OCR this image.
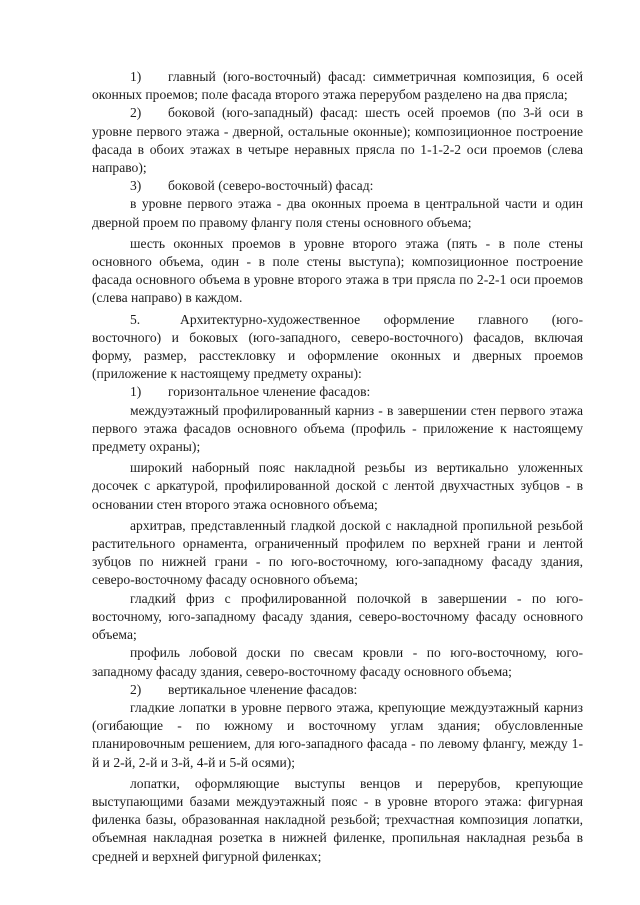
1) главный (юго-восточный) фасад: симметричная композиция, 6 осей оконных проемов; поле фасада второго этажа перерубом разделено на два прясла;

2) боковой (юго-западный) фасад: шесть осей проемов (по 3-й оси в уровне первого этажа - дверной, остальные оконные); композиционное построение фасада в обоих этажах в четыре неравных прясла по 1-1-2-2 оси проемов (слева направо);

3) боковой (северо-восточный) фасад:

в уровне первого этажа - два оконных проема в центральной части и один дверной проем по правому флангу поля стены основного объема;

шесть оконных проемов в уровне второго этажа (пять - в поле стены основного объема, один - в поле стены выступа); композиционное построение фасада основного объема в уровне второго этажа в три прясла по 2-2-1 оси проемов (слева направо) в каждом.

5.	Архитектурно-художественное оформление главного (юго-восточного) и боковых (юго-западного, северо-восточного) фасадов, включая форму, размер, расстекловку и оформление оконных и дверных проемов (приложение к настоящему предмету охраны):

1) горизонтальное членение фасадов:

междуэтажный профилированный карниз - в завершении стен первого этажа первого этажа фасадов основного объема (профиль - приложение к настоящему предмету охраны);

широкий наборный пояс накладной резьбы из вертикально уложенных досочек с аркатурой, профилированной доской с лентой двухчастных зубцов - в основании стен второго этажа основного объема;

архитрав, представленный гладкой доской с накладной пропильной резьбой растительного орнамента, ограниченный профилем по верхней грани и лентой зубцов по нижней грани - по юго-восточному, юго-западному фасаду здания, северо-восточному фасаду основного объема;

гладкий фриз с профилированной полочкой в завершении - по юго-восточному, юго-западному фасаду здания, северо-восточному фасаду основного объема;

профиль лобовой доски по свесам кровли - по юго-восточному, юго-западному фасаду здания, северо-восточному фасаду основного объема;

2) вертикальное членение фасадов:

гладкие лопатки в уровне первого этажа, крепующие междуэтажный карниз (огибающие - по южному и восточному углам здания; обусловленные планировочным решением, для юго-западного фасада - по левому флангу, между 1-й и 2-й, 2-й и 3-й, 4-й и 5-й осями);

лопатки, оформляющие выступы венцов и перерубов, крепующие выступающими базами междуэтажный пояс - в уровне второго этажа: фигурная филенка базы, образованная накладной резьбой; трехчастная композиция лопатки, объемная накладная розетка в нижней филенке, пропильная накладная резьба в средней и верхней фигурной филенках;
